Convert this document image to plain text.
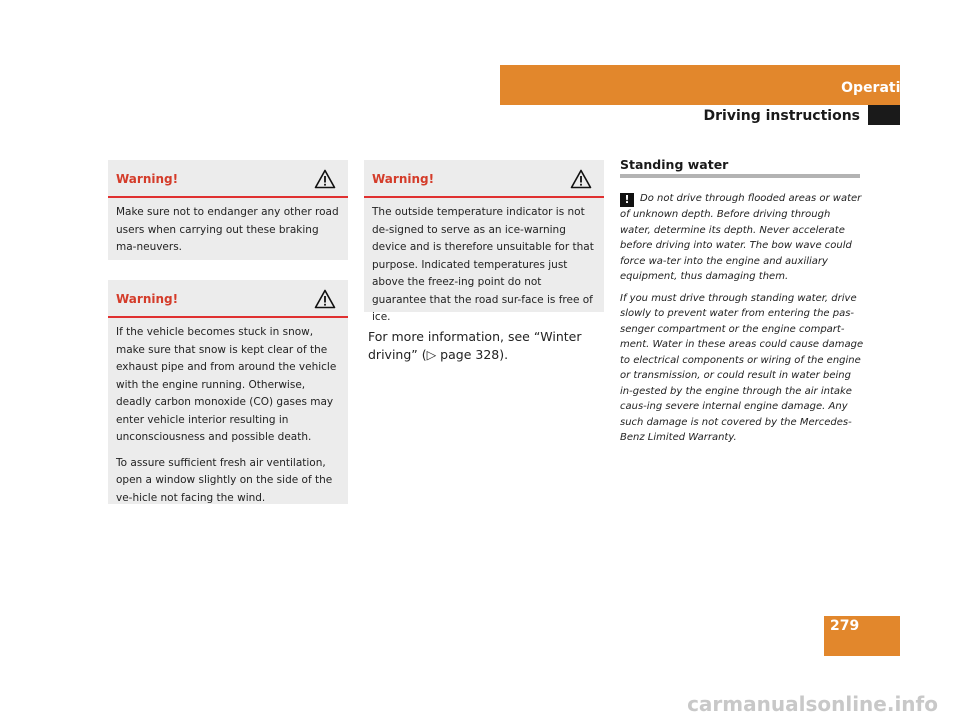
Operation
Driving instructions
Warning!

Make sure not to endanger any other road users when carrying out these braking ma-neuvers.

Warning!

If the vehicle becomes stuck in snow, make sure that snow is kept clear of the exhaust pipe and from around the vehicle with the engine running. Otherwise, deadly carbon monoxide (CO) gases may enter vehicle interior resulting in unconsciousness and possible death.

To assure sufficient fresh air ventilation, open a window slightly on the side of the ve-hicle not facing the wind.

Warning!

The outside temperature indicator is not de-signed to serve as an ice-warning device and is therefore unsuitable for that purpose. Indicated temperatures just above the freez-ing point do not guarantee that the road sur-face is free of ice.

For more information, see “Winter driving” (▷ page 328).
Standing water

! Do not drive through flooded areas or water of unknown depth. Before driving through water, determine its depth. Never accelerate before driving into water. The bow wave could force wa-ter into the engine and auxiliary equipment, thus damaging them.

If you must drive through standing water, drive slowly to prevent water from entering the pas-senger compartment or the engine compart-ment. Water in these areas could cause damage to electrical components or wiring of the engine or transmission, or could result in water being in-gested by the engine through the air intake caus-ing severe internal engine damage. Any such damage is not covered by the Mercedes-Benz Limited Warranty.

279
carmanualsonline.info
